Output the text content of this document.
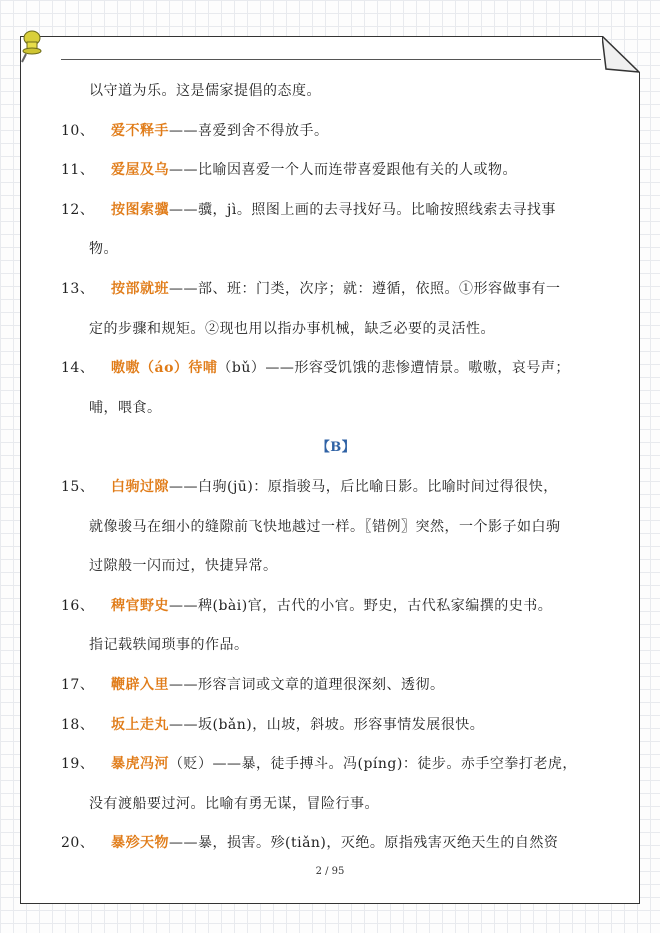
以守道为乐。这是儒家提倡的态度。
10、 爱不释手——喜爱到舍不得放手。
11、 爱屋及乌——比喻因喜爱一个人而连带喜爱跟他有关的人或物。
12、 按图索骥——骥，jì。照图上画的去寻找好马。比喻按照线索去寻找事
物。
13、 按部就班——部、班：门类，次序；就：遵循，依照。①形容做事有一
定的步骤和规矩。②现也用以指办事机械，缺乏必要的灵活性。
14、 嗷嗷（áo）待哺（bǔ）——形容受饥饿的悲惨遭情景。嗷嗷，哀号声；
哺，喂食。
【B】
15、 白驹过隙——白驹(jū)：原指骏马，后比喻日影。比喻时间过得很快，
就像骏马在细小的缝隙前飞快地越过一样。〖错例〗突然，一个影子如白驹
过隙般一闪而过，快捷异常。
16、 稗官野史——稗(bài)官，古代的小官。野史，古代私家编撰的史书。
指记载轶闻琐事的作品。
17、 鞭辟入里——形容言词或文章的道理很深刻、透彻。
18、 坂上走丸——坂(bǎn)，山坡，斜坡。形容事情发展很快。
19、 暴虎冯河（贬）——暴，徒手搏斗。冯(píng)：徒步。赤手空拳打老虎，
没有渡船要过河。比喻有勇无谋，冒险行事。
20、 暴殄天物——暴，损害。殄(tiǎn)，灭绝。原指残害灭绝天生的自然资
2 / 95
